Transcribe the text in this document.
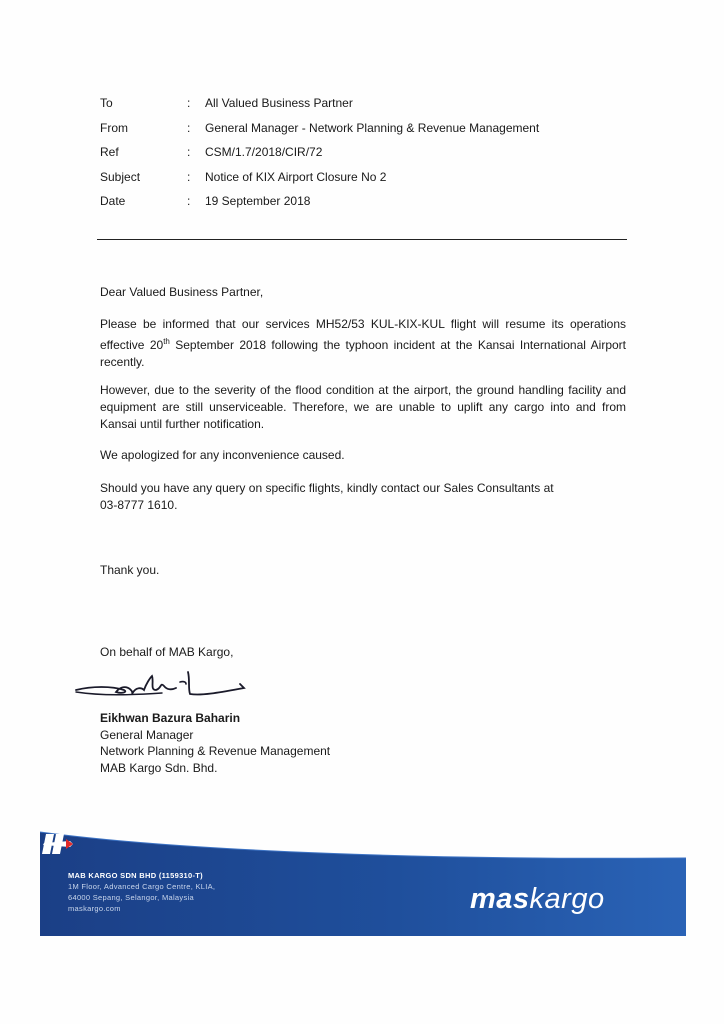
To	:	All Valued Business Partner
From	:	General Manager - Network Planning & Revenue Management
Ref	:	CSM/1.7/2018/CIR/72
Subject	:	Notice of KIX Airport Closure No 2
Date	:	19 September 2018

Dear Valued Business Partner,

Please be informed that our services MH52/53 KUL-KIX-KUL flight will resume its operations effective 20th September 2018 following the typhoon incident at the Kansai International Airport recently.

However, due to the severity of the flood condition at the airport, the ground handling facility and equipment are still unserviceable. Therefore, we are unable to uplift any cargo into and from Kansai until further notification.

We apologized for any inconvenience caused.

Should you have any query on specific flights, kindly contact our Sales Consultants at 03-8777 1610.

Thank you.

On behalf of MAB Kargo,

Eikhwan Bazura Baharin
General Manager
Network Planning & Revenue Management
MAB Kargo Sdn. Bhd.
MAB KARGO SDN BHD (1159310-T)
1M Floor, Advanced Cargo Centre, KLIA,
64000 Sepang, Selangor, Malaysia
maskargo.com	maskargo
